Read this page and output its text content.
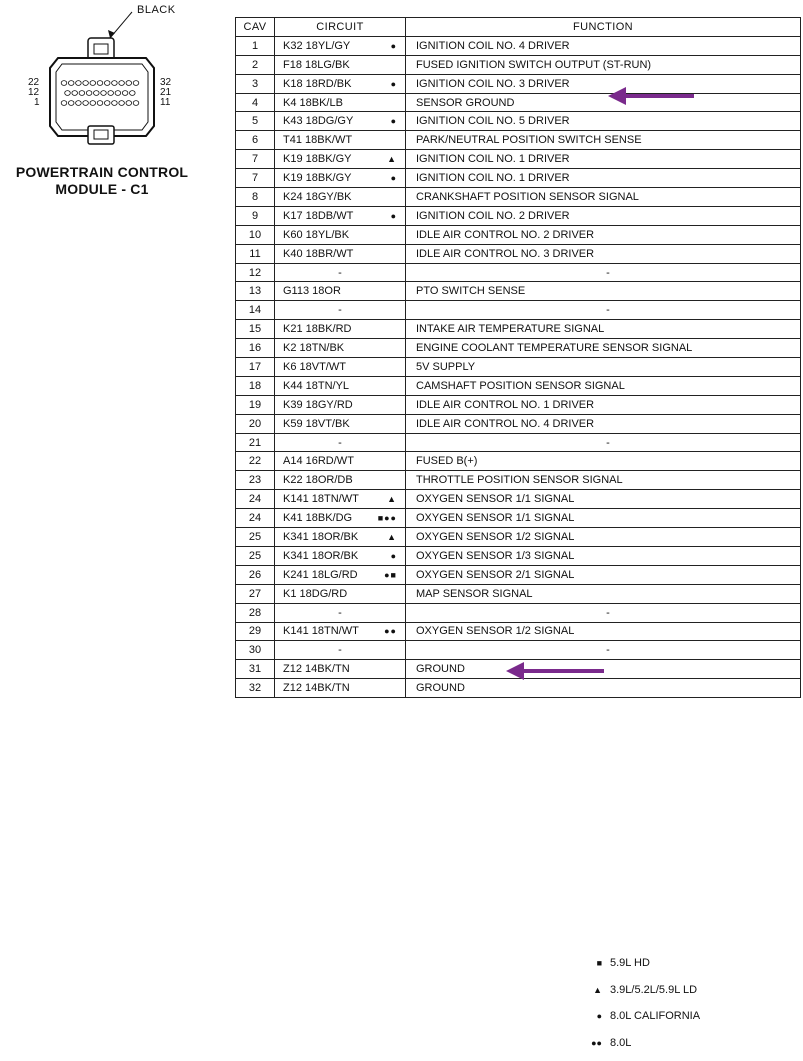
BLACK
22
12
1
32
21
11
POWERTRAIN CONTROL
MODULE - C1
CAV	CIRCUIT	FUNCTION
1	K32 18YL/GY ●	IGNITION COIL NO. 4 DRIVER
2	F18 18LG/BK	FUSED IGNITION SWITCH OUTPUT (ST-RUN)
3	K18 18RD/BK ●	IGNITION COIL NO. 3 DRIVER
4	K4 18BK/LB	SENSOR GROUND
5	K43 18DG/GY ●	IGNITION COIL NO. 5 DRIVER
6	T41 18BK/WT	PARK/NEUTRAL POSITION SWITCH SENSE
7	K19 18BK/GY ▲	IGNITION COIL NO. 1 DRIVER
7	K19 18BK/GY ●	IGNITION COIL NO. 1 DRIVER
8	K24 18GY/BK	CRANKSHAFT POSITION SENSOR SIGNAL
9	K17 18DB/WT ●	IGNITION COIL NO. 2 DRIVER
10	K60 18YL/BK	IDLE AIR CONTROL NO. 2 DRIVER
11	K40 18BR/WT	IDLE AIR CONTROL NO. 3 DRIVER
12	-	-
13	G113 18OR	PTO SWITCH SENSE
14	-	-
15	K21 18BK/RD	INTAKE AIR TEMPERATURE SIGNAL
16	K2 18TN/BK	ENGINE COOLANT TEMPERATURE SENSOR SIGNAL
17	K6 18VT/WT	5V SUPPLY
18	K44 18TN/YL	CAMSHAFT POSITION SENSOR SIGNAL
19	K39 18GY/RD	IDLE AIR CONTROL NO. 1 DRIVER
20	K59 18VT/BK	IDLE AIR CONTROL NO. 4 DRIVER
21	-	-
22	A14 16RD/WT	FUSED B(+)
23	K22 18OR/DB	THROTTLE POSITION SENSOR SIGNAL
24	K141 18TN/WT ▲	OXYGEN SENSOR 1/1 SIGNAL
24	K41 18BK/DG ■●●	OXYGEN SENSOR 1/1 SIGNAL
25	K341 18OR/BK ▲	OXYGEN SENSOR 1/2 SIGNAL
25	K341 18OR/BK ●	OXYGEN SENSOR 1/3 SIGNAL
26	K241 18LG/RD ●■	OXYGEN SENSOR 2/1 SIGNAL
27	K1 18DG/RD	MAP SENSOR SIGNAL
28	-	-
29	K141 18TN/WT ●●	OXYGEN SENSOR 1/2 SIGNAL
30	-	-
31	Z12 14BK/TN	GROUND
32	Z12 14BK/TN	GROUND
■ 5.9L HD
▲ 3.9L/5.2L/5.9L LD
● 8.0L CALIFORNIA
●● 8.0L
